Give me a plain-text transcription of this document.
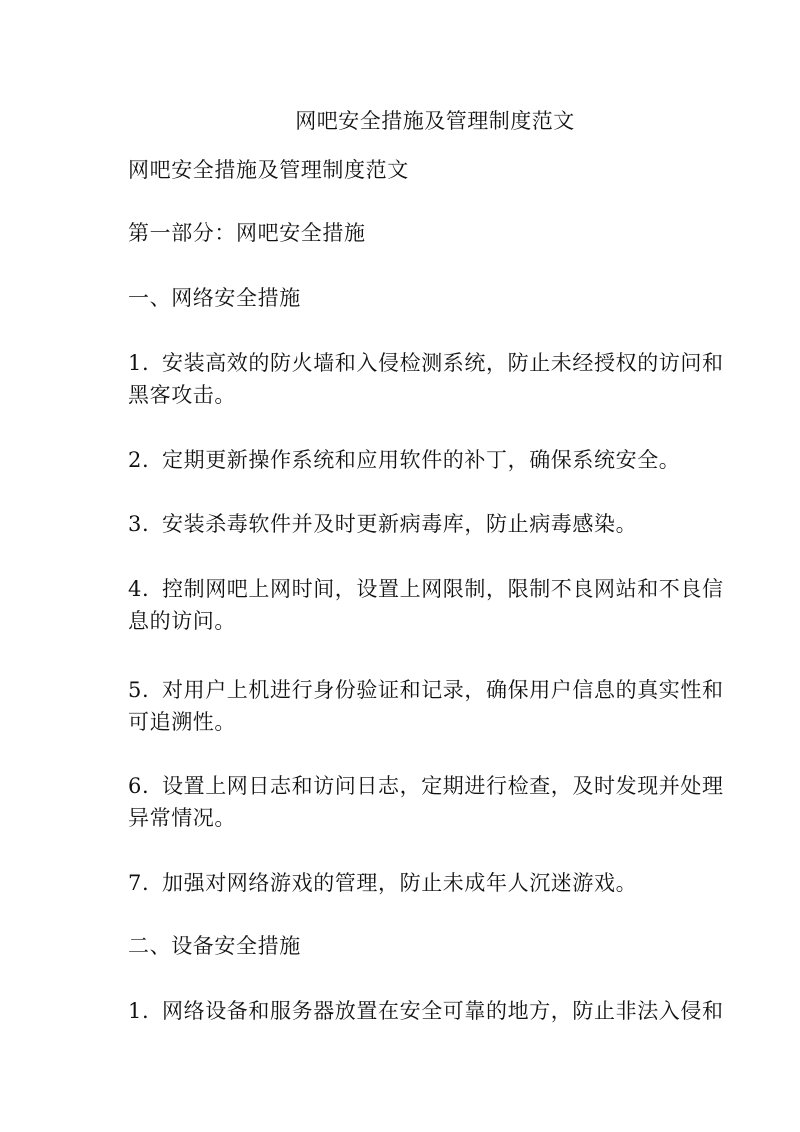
网吧安全措施及管理制度范文

网吧安全措施及管理制度范文

第一部分：网吧安全措施

一、网络安全措施

1. 安装高效的防火墙和入侵检测系统，防止未经授权的访问和黑客攻击。

2. 定期更新操作系统和应用软件的补丁，确保系统安全。

3. 安装杀毒软件并及时更新病毒库，防止病毒感染。

4. 控制网吧上网时间，设置上网限制，限制不良网站和不良信息的访问。

5. 对用户上机进行身份验证和记录，确保用户信息的真实性和可追溯性。

6. 设置上网日志和访问日志，定期进行检查，及时发现并处理异常情况。

7. 加强对网络游戏的管理，防止未成年人沉迷游戏。

二、设备安全措施

1. 网络设备和服务器放置在安全可靠的地方，防止非法入侵和
